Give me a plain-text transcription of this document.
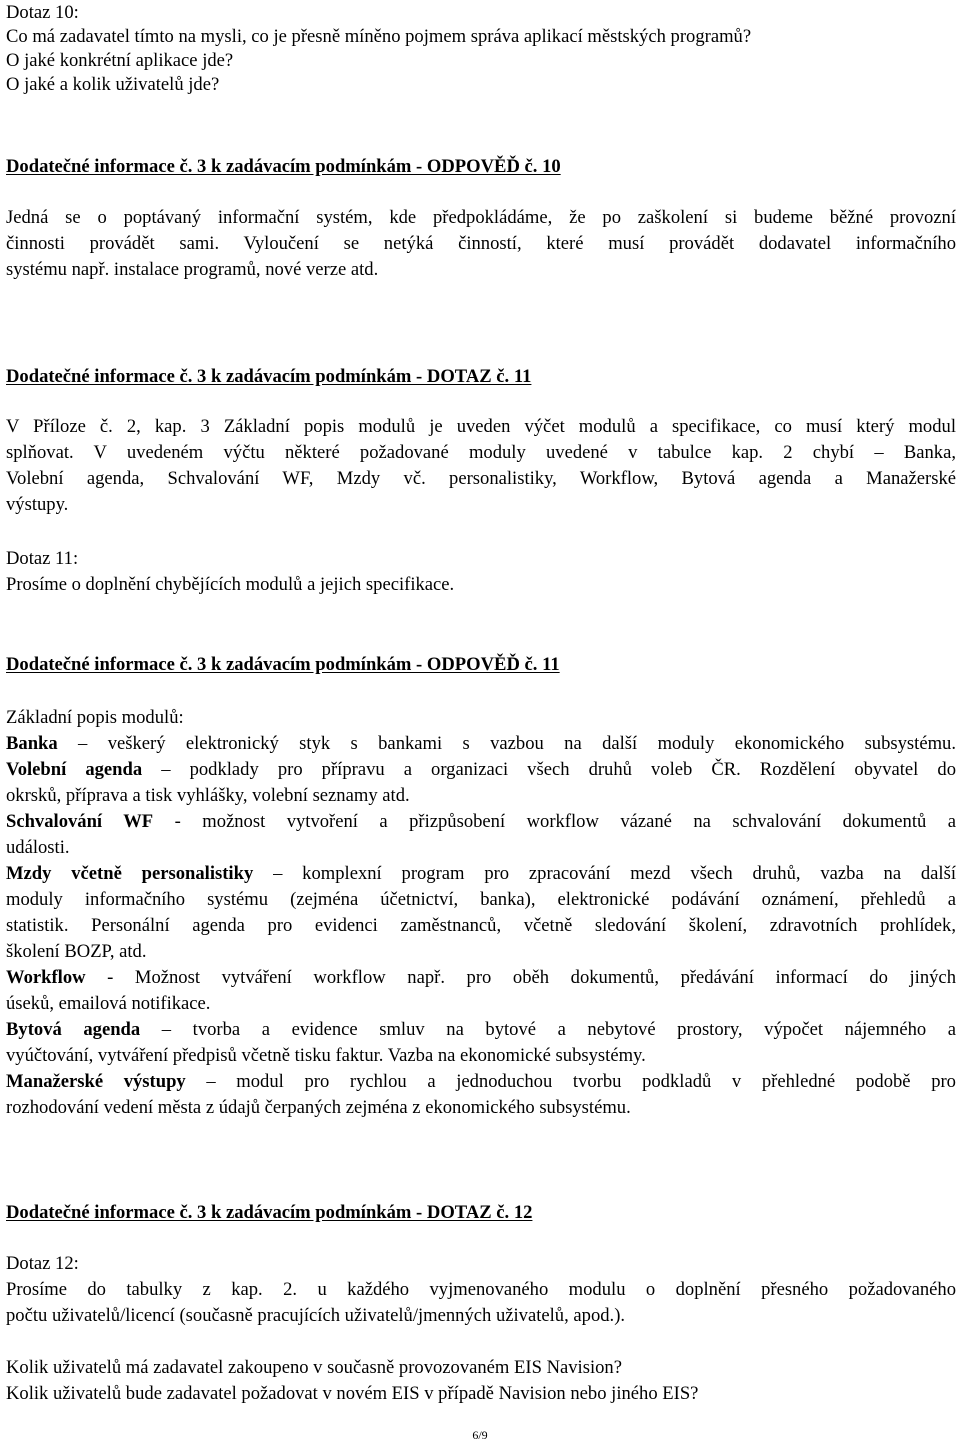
Dotaz 10:
Co má zadavatel tímto na mysli, co je přesně míněno pojmem správa aplikací městských programů?
O jaké konkrétní aplikace jde?
O jaké a kolik uživatelů jde?
Dodatečné informace č. 3 k zadávacím podmínkám - ODPOVĚĎ č. 10
Jedná se o poptávaný informační systém, kde předpokládáme, že po zaškolení si budeme běžné provozní
činnosti provádět sami. Vyloučení se netýká činností, které musí provádět dodavatel informačního
systému např. instalace programů, nové verze atd.
Dodatečné informace č. 3 k zadávacím podmínkám - DOTAZ č. 11
V Příloze č. 2, kap. 3 Základní popis modulů je uveden výčet modulů a specifikace, co musí který modul
splňovat. V uvedeném výčtu některé požadované moduly uvedené v tabulce kap. 2 chybí – Banka,
Volební agenda, Schvalování WF, Mzdy vč. personalistiky, Workflow, Bytová agenda a Manažerské
výstupy.
Dotaz 11:
Prosíme o doplnění chybějících modulů a jejich specifikace.
Dodatečné informace č. 3 k zadávacím podmínkám - ODPOVĚĎ č. 11
Základní popis modulů:
Banka – veškerý elektronický styk s bankami s vazbou na další moduly ekonomického subsystému.
Volební agenda – podklady pro přípravu a organizaci všech druhů voleb ČR. Rozdělení obyvatel do
okrsků, příprava a tisk vyhlášky, volební seznamy atd.
Schvalování WF - možnost vytvoření a přizpůsobení workflow vázané na schvalování dokumentů a
události.
Mzdy včetně personalistiky – komplexní program pro zpracování mezd všech druhů, vazba na další
moduly informačního systému (zejména účetnictví, banka), elektronické podávání oznámení, přehledů a
statistik. Personální agenda pro evidenci zaměstnanců, včetně sledování školení, zdravotních prohlídek,
školení BOZP, atd.
Workflow - Možnost vytváření workflow např. pro oběh dokumentů, předávání informací do jiných
úseků, emailová notifikace.
Bytová agenda – tvorba a evidence smluv na bytové a nebytové prostory, výpočet nájemného a
vyúčtování, vytváření předpisů včetně tisku faktur. Vazba na ekonomické subsystémy.
Manažerské výstupy – modul pro rychlou a jednoduchou tvorbu podkladů v přehledné podobě pro
rozhodování vedení města z údajů čerpaných zejména z ekonomického subsystému.
Dodatečné informace č. 3 k zadávacím podmínkám - DOTAZ č. 12
Dotaz 12:
Prosíme do tabulky z kap. 2. u každého vyjmenovaného modulu o doplnění přesného požadovaného
počtu uživatelů/licencí (současně pracujících uživatelů/jmenných uživatelů, apod.).
Kolik uživatelů má zadavatel zakoupeno v současně provozovaném EIS Navision?
Kolik uživatelů bude zadavatel požadovat v novém EIS v případě Navision nebo jiného EIS?
6/9
